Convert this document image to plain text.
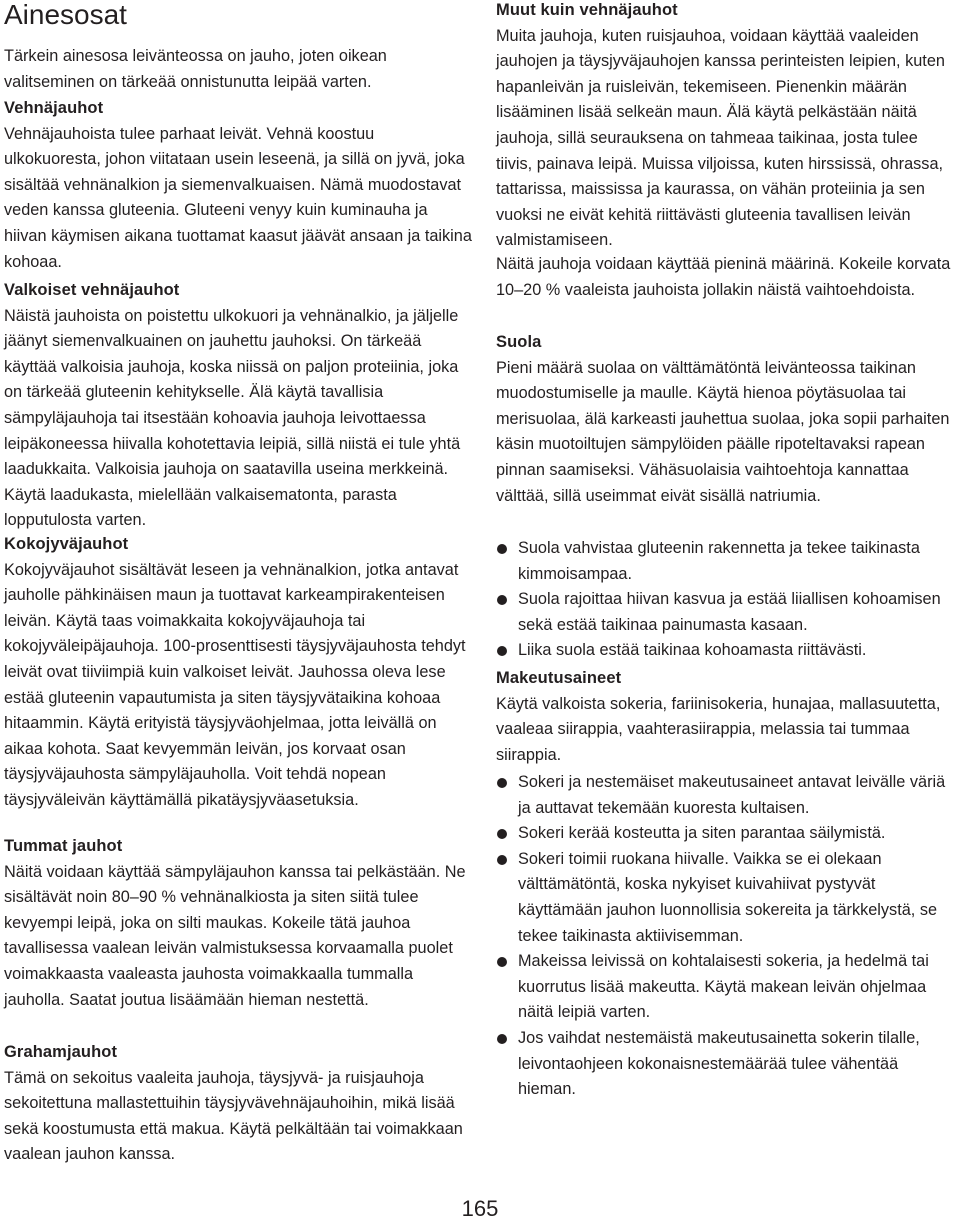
Ainesosat

Tärkein ainesosa leivänteossa on jauho, joten oikean valitseminen on tärkeää onnistunutta leipää varten.

Vehnäjauhot

Vehnäjauhoista tulee parhaat leivät. Vehnä koostuu ulkokuoresta, johon viitataan usein leseenä, ja sillä on jyvä, joka sisältää vehnänalkion ja siemenvalkuaisen. Nämä muodostavat veden kanssa gluteenia. Gluteeni venyy kuin kuminauha ja hiivan käymisen aikana tuottamat kaasut jäävät ansaan ja taikina kohoaa.

Valkoiset vehnäjauhot

Näistä jauhoista on poistettu ulkokuori ja vehnänalkio, ja jäljelle jäänyt siemenvalkuainen on jauhettu jauhoksi. On tärkeää käyttää valkoisia jauhoja, koska niissä on paljon proteiinia, joka on tärkeää gluteenin kehitykselle. Älä käytä tavallisia sämpyläjauhoja tai itsestään kohoavia jauhoja leivottaessa leipäkoneessa hiivalla kohotettavia leipiä, sillä niistä ei tule yhtä laadukkaita. Valkoisia jauhoja on saatavilla useina merkkeinä. Käytä laadukasta, mielellään valkaisematonta, parasta lopputulosta varten.

Kokojyväjauhot

Kokojyväjauhot sisältävät leseen ja vehnänalkion, jotka antavat jauholle pähkinäisen maun ja tuottavat karkeampirakenteisen leivän. Käytä taas voimakkaita kokojyväjauhoja tai kokojyväleipäjauhoja. 100-prosenttisesti täysjyväjauhosta tehdyt leivät ovat tiiviimpiä kuin valkoiset leivät. Jauhossa oleva lese estää gluteenin vapautumista ja siten täysjyvätaikina kohoaa hitaammin. Käytä erityistä täysjyväohjelmaa, jotta leivällä on aikaa kohota. Saat kevyemmän leivän, jos korvaat osan täysjyväjauhosta sämpyläjauholla. Voit tehdä nopean täysjyväleivän käyttämällä pikatäysjyväasetuksia.

Tummat jauhot

Näitä voidaan käyttää sämpyläjauhon kanssa tai pelkästään. Ne sisältävät noin 80–90 % vehnänalkiosta ja siten siitä tulee kevyempi leipä, joka on silti maukas. Kokeile tätä jauhoa tavallisessa vaalean leivän valmistuksessa korvaamalla puolet voimakkaasta vaaleasta jauhosta voimakkaalla tummalla jauholla. Saatat joutua lisäämään hieman nestettä.

Grahamjauhot

Tämä on sekoitus vaaleita jauhoja, täysjyvä- ja ruisjauhoja sekoitettuna mallastettuihin täysjyvävehnäjauhoihin, mikä lisää sekä koostumusta että makua. Käytä pelkältään tai voimakkaan vaalean jauhon kanssa.

Muut kuin vehnäjauhot

Muita jauhoja, kuten ruisjauhoa, voidaan käyttää vaaleiden jauhojen ja täysjyväjauhojen kanssa perinteisten leipien, kuten hapanleivän ja ruisleivän, tekemiseen. Pienenkin määrän lisääminen lisää selkeän maun. Älä käytä pelkästään näitä jauhoja, sillä seurauksena on tahmeaa taikinaa, josta tulee tiivis, painava leipä. Muissa viljoissa, kuten hirssissä, ohrassa, tattarissa, maississa ja kaurassa, on vähän proteiinia ja sen vuoksi ne eivät kehitä riittävästi gluteenia tavallisen leivän valmistamiseen.

Näitä jauhoja voidaan käyttää pieninä määrinä. Kokeile korvata 10–20 % vaaleista jauhoista jollakin näistä vaihtoehdoista.

Suola

Pieni määrä suolaa on välttämätöntä leivänteossa taikinan muodostumiselle ja maulle. Käytä hienoa pöytäsuolaa tai merisuolaa, älä karkeasti jauhettua suolaa, joka sopii parhaiten käsin muotoiltujen sämpylöiden päälle ripoteltavaksi rapean pinnan saamiseksi. Vähäsuolaisia vaihtoehtoja kannattaa välttää, sillä useimmat eivät sisällä natriumia.

Suola vahvistaa gluteenin rakennetta ja tekee taikinasta kimmoisampaa.
Suola rajoittaa hiivan kasvua ja estää liiallisen kohoamisen sekä estää taikinaa painumasta kasaan.
Liika suola estää taikinaa kohoamasta riittävästi.
Makeutusaineet

Käytä valkoista sokeria, fariinisokeria, hunajaa, mallasuutetta, vaaleaa siirappia, vaahterasiirappia, melassia tai tummaa siirappia.

Sokeri ja nestemäiset makeutusaineet antavat leivälle väriä ja auttavat tekemään kuoresta kultaisen.
Sokeri kerää kosteutta ja siten parantaa säilymistä.
Sokeri toimii ruokana hiivalle. Vaikka se ei olekaan välttämätöntä, koska nykyiset kuivahiivat pystyvät käyttämään jauhon luonnollisia sokereita ja tärkkelystä, se tekee taikinasta aktiivisemman.
Makeissa leivissä on kohtalaisesti sokeria, ja hedelmä tai kuorrutus lisää makeutta. Käytä makean leivän ohjelmaa näitä leipiä varten.
Jos vaihdat nestemäistä makeutusainetta sokerin tilalle, leivontaohjeen kokonaisnestemäärää tulee vähentää hieman.
165
